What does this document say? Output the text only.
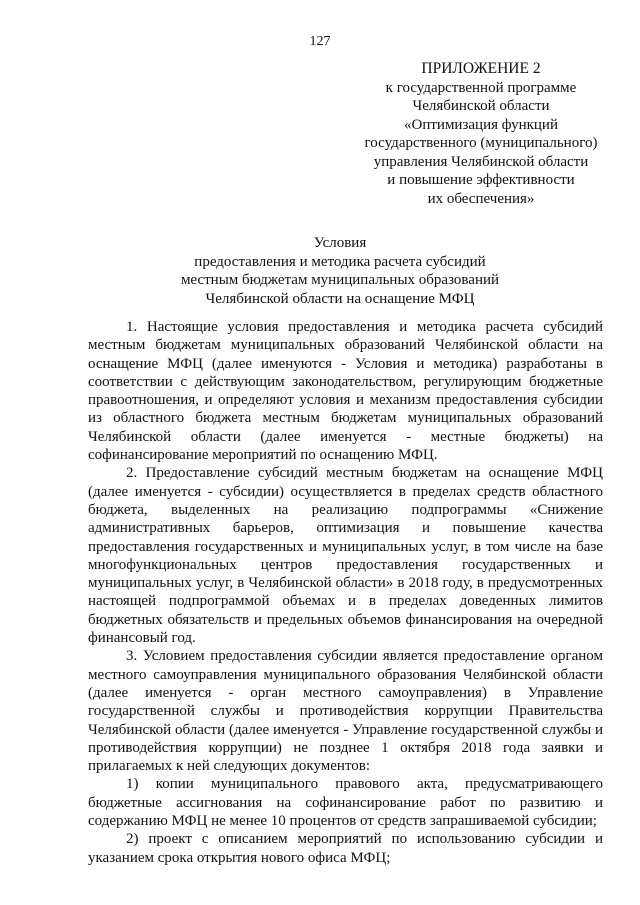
127
ПРИЛОЖЕНИЕ 2
к государственной программе
Челябинской области
«Оптимизация функций
государственного (муниципального)
управления Челябинской области
и повышение эффективности
их обеспечения»
Условия
предоставления и методика расчета субсидий
местным бюджетам муниципальных образований
Челябинской области на оснащение МФЦ

1. Настоящие условия предоставления и методика расчета субсидий местным бюджетам муниципальных образований Челябинской области на оснащение МФЦ (далее именуются - Условия и методика) разработаны в соответствии с действующим законодательством, регулирующим бюджетные правоотношения, и определяют условия и механизм предоставления субсидии из областного бюджета местным бюджетам муниципальных образований Челябинской области (далее именуется - местные бюджеты) на софинансирование мероприятий по оснащению МФЦ.

2. Предоставление субсидий местным бюджетам на оснащение МФЦ (далее именуется - субсидии) осуществляется в пределах средств областного бюджета, выделенных на реализацию подпрограммы «Снижение административных барьеров, оптимизация и повышение качества предоставления государственных и муниципальных услуг, в том числе на базе многофункциональных центров предоставления государственных и муниципальных услуг, в Челябинской области» в 2018 году, в предусмотренных настоящей подпрограммой объемах и в пределах доведенных лимитов бюджетных обязательств и предельных объемов финансирования на очередной финансовый год.

3. Условием предоставления субсидии является предоставление органом местного самоуправления муниципального образования Челябинской области (далее именуется - орган местного самоуправления) в Управление государственной службы и противодействия коррупции Правительства Челябинской области (далее именуется - Управление государственной службы и противодействия коррупции) не позднее 1 октября 2018 года заявки и прилагаемых к ней следующих документов:

1) копии муниципального правового акта, предусматривающего бюджетные ассигнования на софинансирование работ по развитию и содержанию МФЦ не менее 10 процентов от средств запрашиваемой субсидии;

2) проект с описанием мероприятий по использованию субсидии и указанием срока открытия нового офиса МФЦ;
